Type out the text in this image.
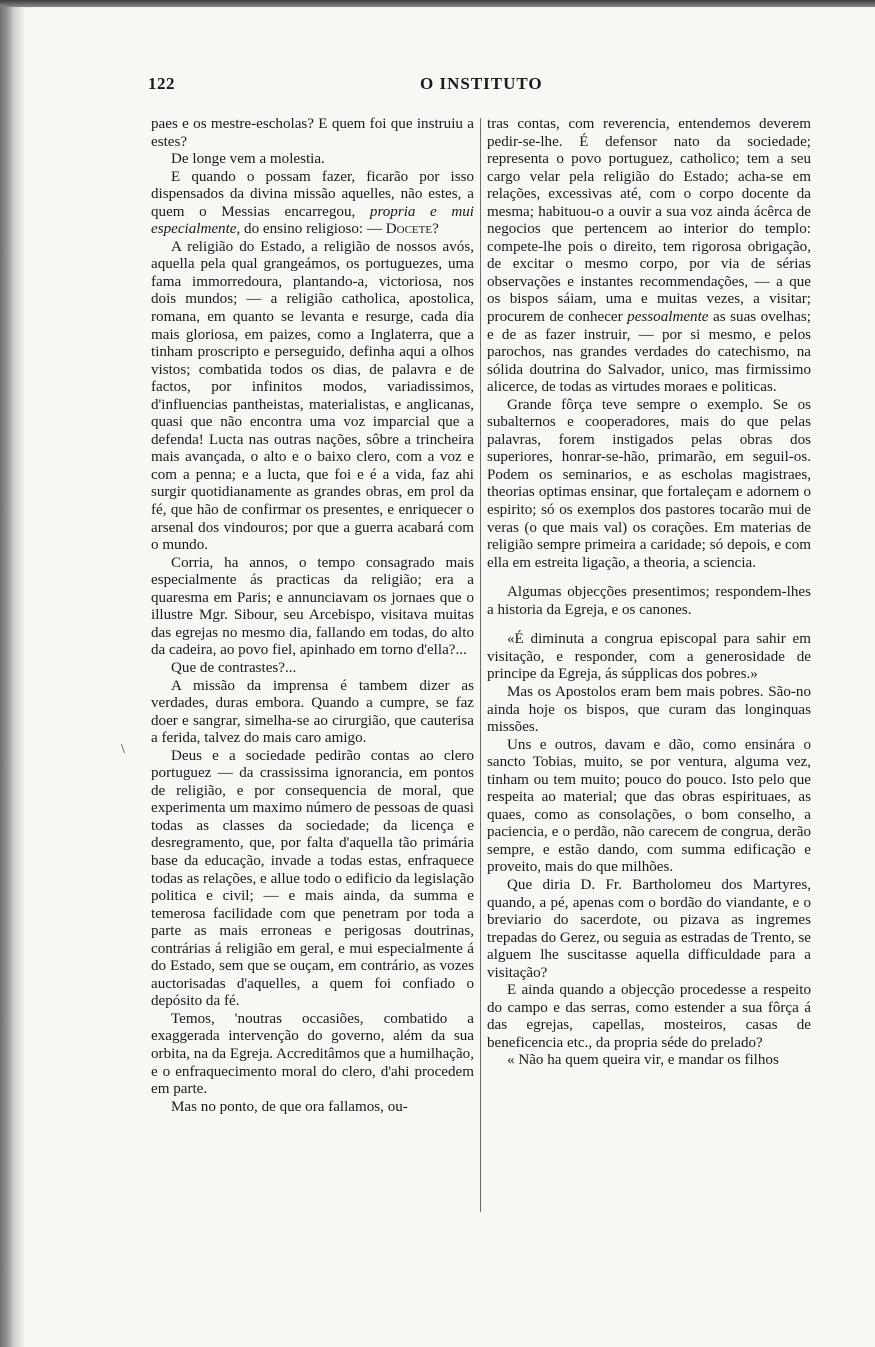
122	O INSTITUTO
\

paes e os mestre-escholas? E quem foi que instruiu a estes?

De longe vem a molestia.

E quando o possam fazer, ficarão por isso dispensados da divina missão aquelles, não estes, a quem o Messias encarregou, propria e mui especialmente, do ensino religioso: — Docete?

A religião do Estado, a religião de nossos avós, aquella pela qual grangeámos, os portuguezes, uma fama immorredoura, plantando-a, victoriosa, nos dois mundos; — a religião catholica, apostolica, romana, em quanto se levanta e resurge, cada dia mais gloriosa, em paizes, como a Inglaterra, que a tinham proscripto e perseguido, definha aqui a olhos vistos; combatida todos os dias, de palavra e de factos, por infinitos modos, variadissimos, d'influencias pantheistas, materialistas, e anglicanas, quasi que não encontra uma voz imparcial que a defenda! Lucta nas outras nações, sôbre a trincheira mais avançada, o alto e o baixo clero, com a voz e com a penna; e a lucta, que foi e é a vida, faz ahi surgir quotidianamente as grandes obras, em prol da fé, que hão de confirmar os presentes, e enriquecer o arsenal dos vindouros; por que a guerra acabará com o mundo.

Corria, ha annos, o tempo consagrado mais especialmente ás practicas da religião; era a quaresma em Paris; e annunciavam os jornaes que o illustre Mgr. Sibour, seu Arcebispo, visitava muitas das egrejas no mesmo dia, fallando em todas, do alto da cadeira, ao povo fiel, apinhado em torno d'ella?...

Que de contrastes?...

A missão da imprensa é tambem dizer as verdades, duras embora. Quando a cumpre, se faz doer e sangrar, simelha-se ao cirurgião, que cauterisa a ferida, talvez do mais caro amigo.

Deus e a sociedade pedirão contas ao clero portuguez — da crassissima ignorancia, em pontos de religião, e por consequencia de moral, que experimenta um maximo número de pessoas de quasi todas as classes da sociedade; da licença e desregramento, que, por falta d'aquella tão primária base da educação, invade a todas estas, enfraquece todas as relações, e allue todo o edificio da legislação politica e civil; — e mais ainda, da summa e temerosa facilidade com que penetram por toda a parte as mais erroneas e perigosas doutrinas, contrárias á religião em geral, e mui especialmente á do Estado, sem que se ouçam, em contrário, as vozes auctorisadas d'aquelles, a quem foi confiado o depósito da fé.

Temos, 'noutras occasiões, combatido a exaggerada intervenção do governo, além da sua orbita, na da Egreja. Accreditâmos que a humilhação, e o enfraquecimento moral do clero, d'ahi procedem em parte.

Mas no ponto, de que ora fallamos, ou-

tras contas, com reverencia, entendemos deverem pedir-se-lhe. É defensor nato da sociedade; representa o povo portuguez, catholico; tem a seu cargo velar pela religião do Estado; acha-se em relações, excessivas até, com o corpo docente da mesma; habituou-o a ouvir a sua voz ainda ácêrca de negocios que pertencem ao interior do templo: compete-lhe pois o direito, tem rigorosa obrigação, de excitar o mesmo corpo, por via de sérias observações e instantes recommendações, — a que os bispos sáiam, uma e muitas vezes, a visitar; procurem de conhecer pessoalmente as suas ovelhas; e de as fazer instruir, — por si mesmo, e pelos parochos, nas grandes verdades do catechismo, na sólida doutrina do Salvador, unico, mas firmissimo alicerce, de todas as virtudes moraes e politicas.

Grande fôrça teve sempre o exemplo. Se os subalternos e cooperadores, mais do que pelas palavras, forem instigados pelas obras dos superiores, honrar-se-hão, primarão, em seguil-os. Podem os seminarios, e as escholas magistraes, theorias optimas ensinar, que fortaleçam e adornem o espirito; só os exemplos dos pastores tocarão mui de veras (o que mais val) os corações. Em materias de religião sempre primeira a caridade; só depois, e com ella em estreita ligação, a theoria, a sciencia.

Algumas objecções presentimos; respondem-lhes a historia da Egreja, e os canones.

«É diminuta a congrua episcopal para sahir em visitação, e responder, com a generosidade de principe da Egreja, ás súpplicas dos pobres.»

Mas os Apostolos eram bem mais pobres. São-no ainda hoje os bispos, que curam das longinquas missões.

Uns e outros, davam e dão, como ensinára o sancto Tobias, muito, se por ventura, alguma vez, tinham ou tem muito; pouco do pouco. Isto pelo que respeita ao material; que das obras espirituaes, as quaes, como as consolações, o bom conselho, a paciencia, e o perdão, não carecem de congrua, derão sempre, e estão dando, com summa edificação e proveito, mais do que milhões.

Que diria D. Fr. Bartholomeu dos Martyres, quando, a pé, apenas com o bordão do viandante, e o breviario do sacerdote, ou pizava as ingremes trepadas do Gerez, ou seguia as estradas de Trento, se alguem lhe suscitasse aquella difficuldade para a visitação?

E ainda quando a objecção procedesse a respeito do campo e das serras, como estender a sua fôrça á das egrejas, capellas, mosteiros, casas de beneficencia etc., da propria séde do prelado?

« Não ha quem queira vir, e mandar os filhos
